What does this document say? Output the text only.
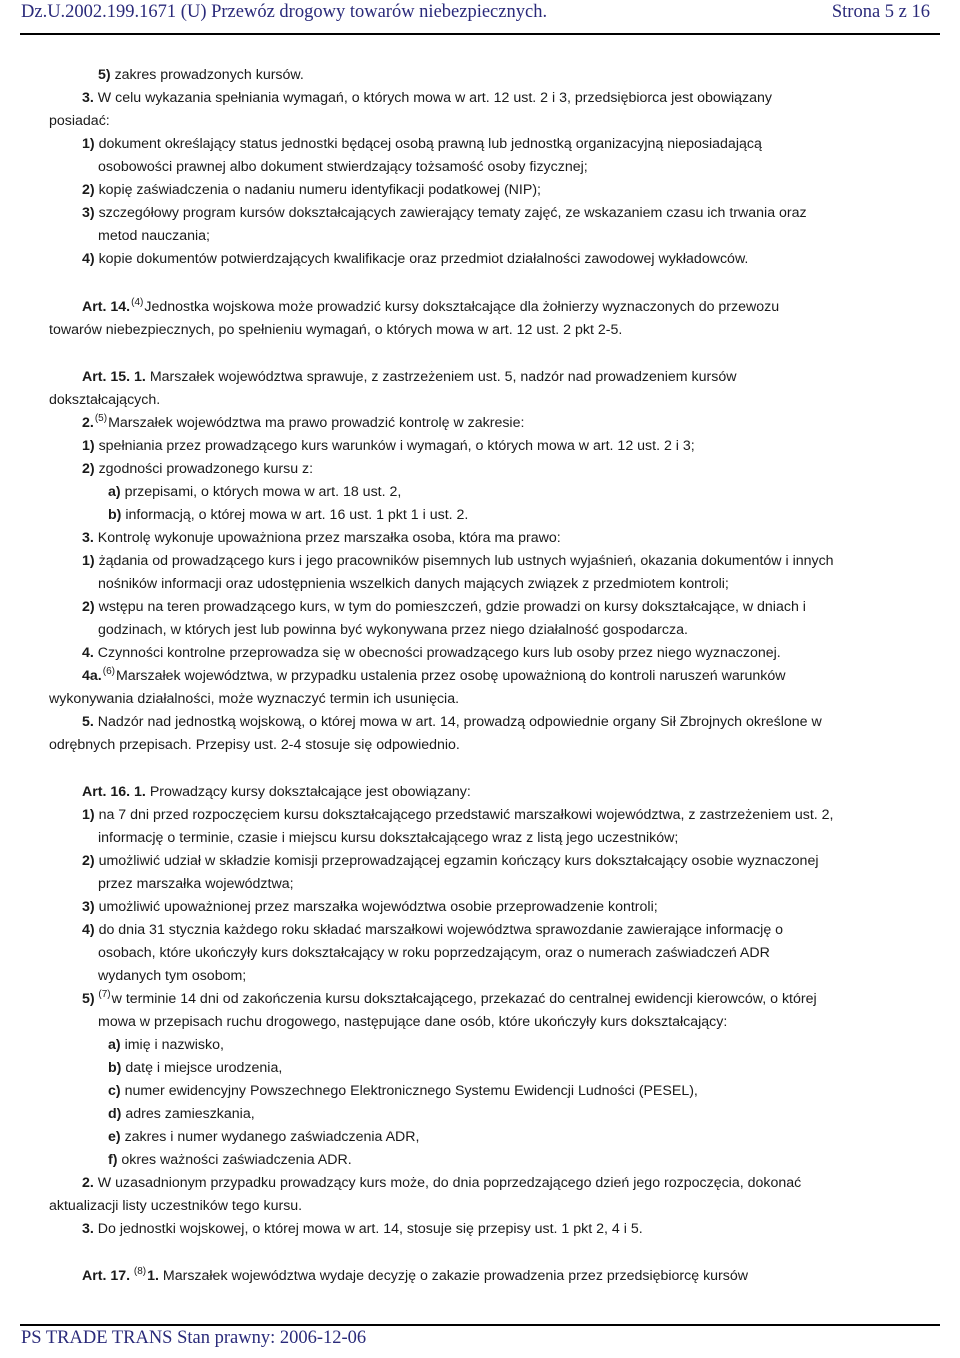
Dz.U.2002.199.1671 (U) Przewóz drogowy towarów niebezpiecznych.	Strona 5 z 16
5) zakres prowadzonych kursów.
3. W celu wykazania spełniania wymagań, o których mowa w art. 12 ust. 2 i 3, przedsiębiorca jest obowiązany
posiadać:
1) dokument określający status jednostki będącej osobą prawną lub jednostką organizacyjną nieposiadającą
osobowości prawnej albo dokument stwierdzający tożsamość osoby fizycznej;
2) kopię zaświadczenia o nadaniu numeru identyfikacji podatkowej (NIP);
3) szczegółowy program kursów dokształcających zawierający tematy zajęć, ze wskazaniem czasu ich trwania oraz
metod nauczania;
4) kopie dokumentów potwierdzających kwalifikacje oraz przedmiot działalności zawodowej wykładowców.
Art. 14.$^{(4)}$Jednostka wojskowa może prowadzić kursy dokształcające dla żołnierzy wyznaczonych do przewozu
towarów niebezpiecznych, po spełnieniu wymagań, o których mowa w art. 12 ust. 2 pkt 2-5.
Art. 15. 1. Marszałek województwa sprawuje, z zastrzeżeniem ust. 5, nadzór nad prowadzeniem kursów
dokształcających.
2.$^{(5)}$Marszałek województwa ma prawo prowadzić kontrolę w zakresie:
1) spełniania przez prowadzącego kurs warunków i wymagań, o których mowa w art. 12 ust. 2 i 3;
2) zgodności prowadzonego kursu z:
a) przepisami, o których mowa w art. 18 ust. 2,
b) informacją, o której mowa w art. 16 ust. 1 pkt 1 i ust. 2.
3. Kontrolę wykonuje upoważniona przez marszałka osoba, która ma prawo:
1) żądania od prowadzącego kurs i jego pracowników pisemnych lub ustnych wyjaśnień, okazania dokumentów i innych
nośników informacji oraz udostępnienia wszelkich danych mających związek z przedmiotem kontroli;
2) wstępu na teren prowadzącego kurs, w tym do pomieszczeń, gdzie prowadzi on kursy dokształcające, w dniach i
godzinach, w których jest lub powinna być wykonywana przez niego działalność gospodarcza.
4. Czynności kontrolne przeprowadza się w obecności prowadzącego kurs lub osoby przez niego wyznaczonej.
4a.$^{(6)}$Marszałek województwa, w przypadku ustalenia przez osobę upoważnioną do kontroli naruszeń warunków
wykonywania działalności, może wyznaczyć termin ich usunięcia.
5. Nadzór nad jednostką wojskową, o której mowa w art. 14, prowadzą odpowiednie organy Sił Zbrojnych określone w
odrębnych przepisach. Przepisy ust. 2-4 stosuje się odpowiednio.
Art. 16. 1. Prowadzący kursy dokształcające jest obowiązany:
1) na 7 dni przed rozpoczęciem kursu dokształcającego przedstawić marszałkowi województwa, z zastrzeżeniem ust. 2,
informację o terminie, czasie i miejscu kursu dokształcającego wraz z listą jego uczestników;
2) umożliwić udział w składzie komisji przeprowadzającej egzamin kończący kurs dokształcający osobie wyznaczonej
przez marszałka województwa;
3) umożliwić upoważnionej przez marszałka województwa osobie przeprowadzenie kontroli;
4) do dnia 31 stycznia każdego roku składać marszałkowi województwa sprawozdanie zawierające informację o
osobach, które ukończyły kurs dokształcający w roku poprzedzającym, oraz o numerach zaświadczeń ADR
wydanych tym osobom;
5) $^{(7)}$w terminie 14 dni od zakończenia kursu dokształcającego, przekazać do centralnej ewidencji kierowców, o której
mowa w przepisach ruchu drogowego, następujące dane osób, które ukończyły kurs dokształcający:
a) imię i nazwisko,
b) datę i miejsce urodzenia,
c) numer ewidencyjny Powszechnego Elektronicznego Systemu Ewidencji Ludności (PESEL),
d) adres zamieszkania,
e) zakres i numer wydanego zaświadczenia ADR,
f) okres ważności zaświadczenia ADR.
2. W uzasadnionym przypadku prowadzący kurs może, do dnia poprzedzającego dzień jego rozpoczęcia, dokonać
aktualizacji listy uczestników tego kursu.
3. Do jednostki wojskowej, o której mowa w art. 14, stosuje się przepisy ust. 1 pkt 2, 4 i 5.
Art. 17. $^{(8)}$1. Marszałek województwa wydaje decyzję o zakazie prowadzenia przez przedsiębiorcę kursów
PS TRADE TRANS Stan prawny: 2006-12-06
